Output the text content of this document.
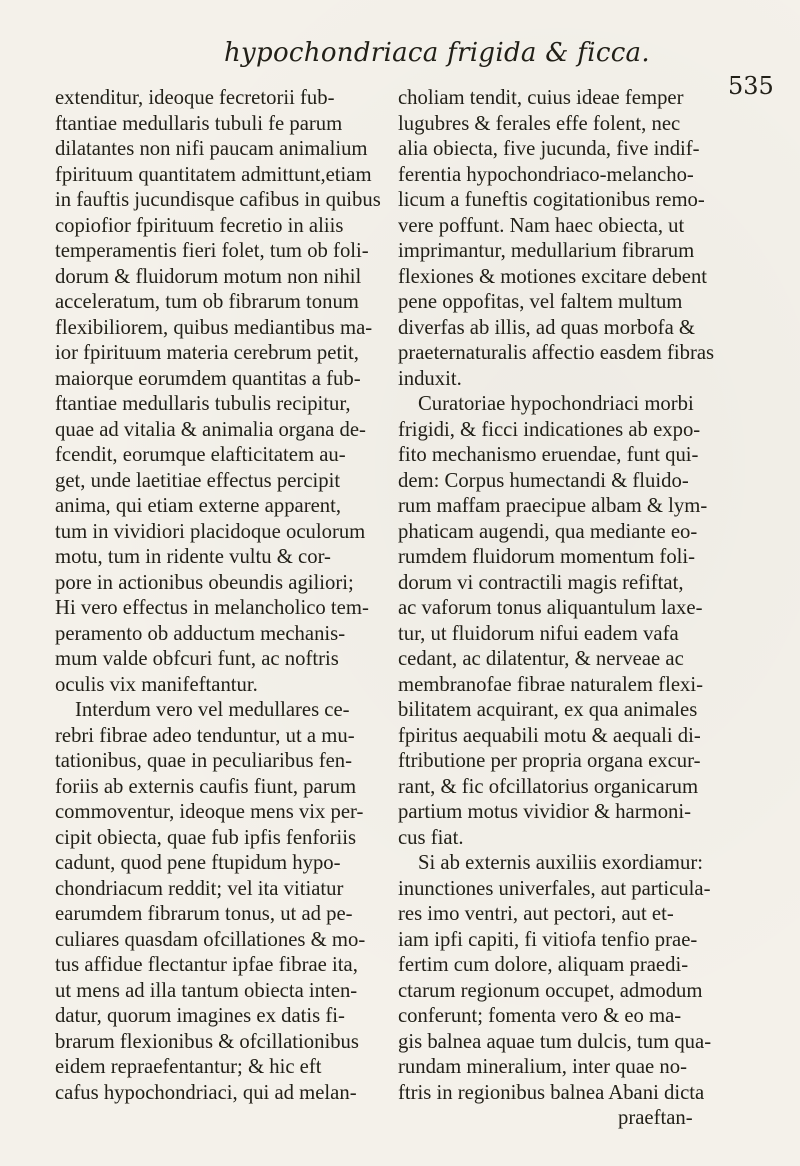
hypochondriaca frigida & ficca.
535
extenditur, ideoque fecretorii fub-
ftantiae medullaris tubuli fe parum
dilatantes non nifi paucam animalium
fpirituum quantitatem admittunt,etiam
in fauftis jucundisque cafibus in quibus
copiofior fpirituum fecretio in aliis
temperamentis fieri folet, tum ob foli-
dorum & fluidorum motum non nihil
acceleratum, tum ob fibrarum tonum
flexibiliorem, quibus mediantibus ma-
ior fpirituum materia cerebrum petit,
maiorque eorumdem quantitas a fub-
ftantiae medullaris tubulis recipitur,
quae ad vitalia & animalia organa de-
fcendit, eorumque elafticitatem au-
get, unde laetitiae effectus percipit
anima, qui etiam externe apparent,
tum in vividiori placidoque oculorum
motu, tum in ridente vultu & cor-
pore in actionibus obeundis agiliori;
Hi vero effectus in melancholico tem-
peramento ob adductum mechanis-
mum valde obfcuri funt, ac noftris
oculis vix manifeftantur.
Interdum vero vel medullares ce-
rebri fibrae adeo tenduntur, ut a mu-
tationibus, quae in peculiaribus fen-
foriis ab externis caufis fiunt, parum
commoventur, ideoque mens vix per-
cipit obiecta, quae fub ipfis fenforiis
cadunt, quod pene ftupidum hypo-
chondriacum reddit; vel ita vitiatur
earumdem fibrarum tonus, ut ad pe-
culiares quasdam ofcillationes & mo-
tus affidue flectantur ipfae fibrae ita,
ut mens ad illa tantum obiecta inten-
datur, quorum imagines ex datis fi-
brarum flexionibus & ofcillationibus
eidem repraefentantur; & hic eft
cafus hypochondriaci, qui ad melan-
choliam tendit, cuius ideae femper
lugubres & ferales effe folent, nec
alia obiecta, five jucunda, five indif-
ferentia hypochondriaco-melancho-
licum a funeftis cogitationibus remo-
vere poffunt. Nam haec obiecta, ut
imprimantur, medullarium fibrarum
flexiones & motiones excitare debent
pene oppofitas, vel faltem multum
diverfas ab illis, ad quas morbofa &
praeternaturalis affectio easdem fibras
induxit.
Curatoriae hypochondriaci morbi
frigidi, & ficci indicationes ab expo-
fito mechanismo eruendae, funt qui-
dem: Corpus humectandi & fluido-
rum maffam praecipue albam & lym-
phaticam augendi, qua mediante eo-
rumdem fluidorum momentum foli-
dorum vi contractili magis refiftat,
ac vaforum tonus aliquantulum laxe-
tur, ut fluidorum nifui eadem vafa
cedant, ac dilatentur, & nerveae ac
membranofae fibrae naturalem flexi-
bilitatem acquirant, ex qua animales
fpiritus aequabili motu & aequali di-
ftributione per propria organa excur-
rant, & fic ofcillatorius organicarum
partium motus vividior & harmoni-
cus fiat.
Si ab externis auxiliis exordiamur:
inunctiones univerfales, aut particula-
res imo ventri, aut pectori, aut et-
iam ipfi capiti, fi vitiofa tenfio prae-
fertim cum dolore, aliquam praedi-
ctarum regionum occupet, admodum
conferunt; fomenta vero & eo ma-
gis balnea aquae tum dulcis, tum qua-
rundam mineralium, inter quae no-
ftris in regionibus balnea Abani dicta
praeftan-
